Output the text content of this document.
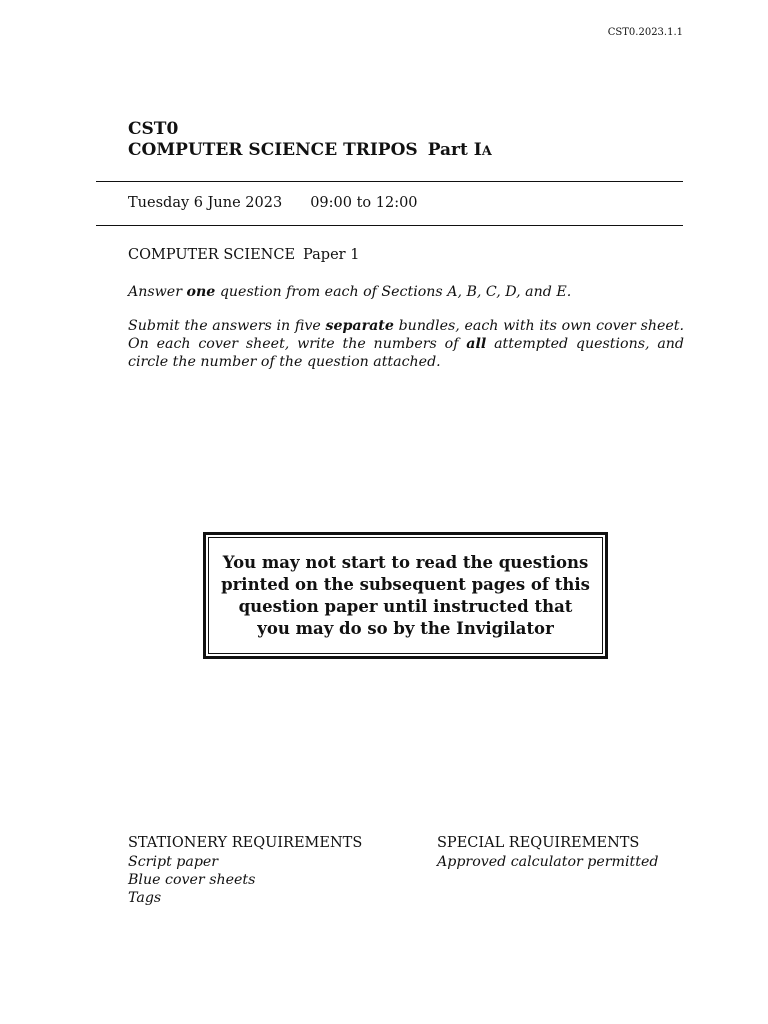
CST0.2023.1.1
CST0
COMPUTER SCIENCE TRIPOS Part IA
Tuesday 6 June 2023 09:00 to 12:00
COMPUTER SCIENCE Paper 1
Answer one question from each of Sections A, B, C, D, and E.
Submit the answers in five separate bundles, each with its own cover sheet. On each cover sheet, write the numbers of all attempted questions, and circle the number of the question attached.
You may not start to read the questions printed on the subsequent pages of this question paper until instructed that you may do so by the Invigilator
STATIONERY REQUIREMENTS
Script paper
Blue cover sheets
Tags
SPECIAL REQUIREMENTS
Approved calculator permitted
